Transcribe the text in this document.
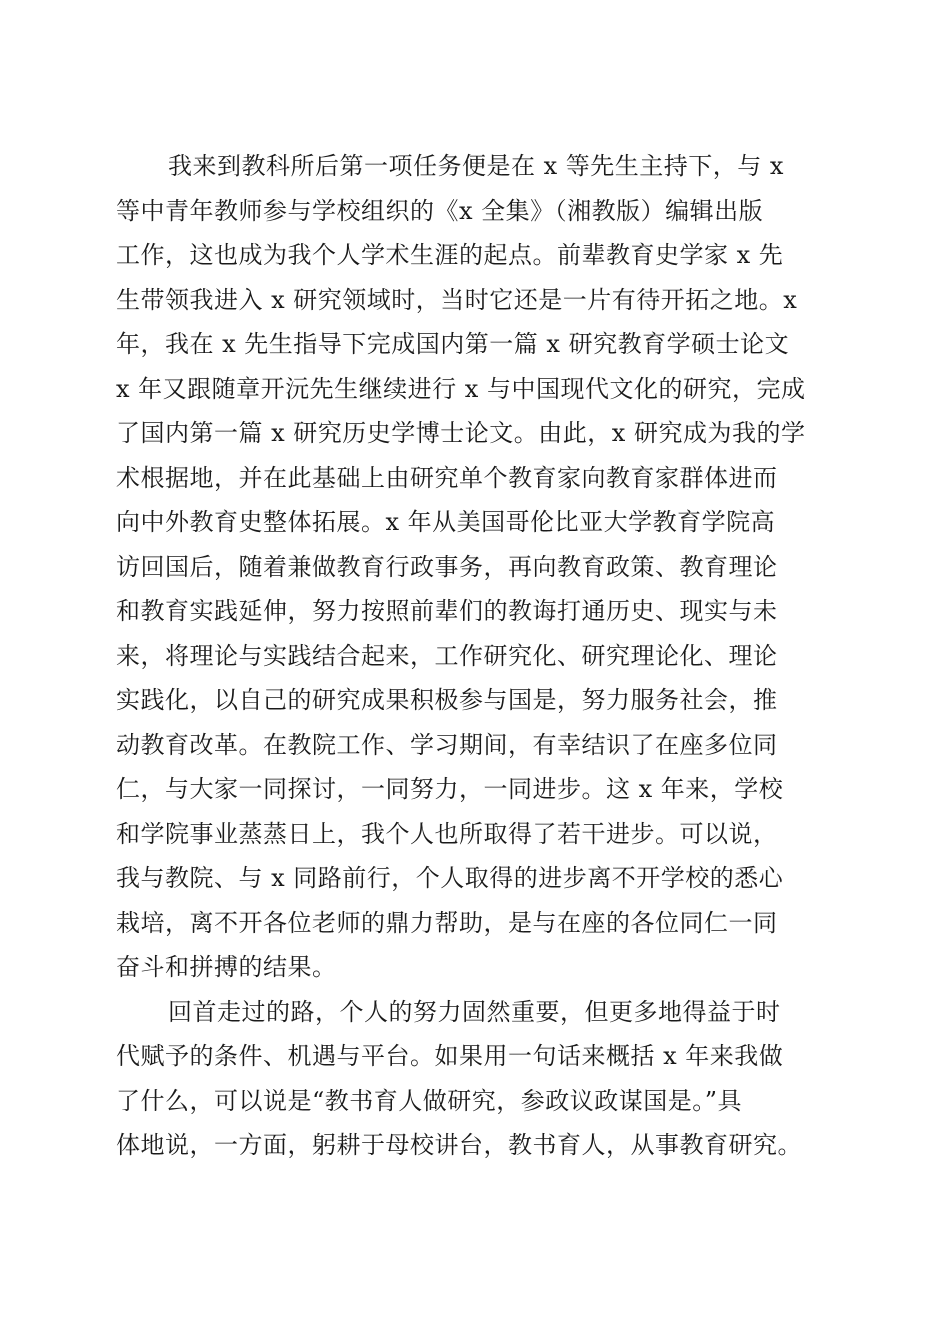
我来到教科所后第一项任务便是在 x 等先生主持下，与 x
等中青年教师参与学校组织的《x 全集》（湘教版）编辑出版
工作，这也成为我个人学术生涯的起点。前辈教育史学家 x 先
生带领我进入 x 研究领域时，当时它还是一片有待开拓之地。x
年，我在 x 先生指导下完成国内第一篇 x 研究教育学硕士论文
x 年又跟随章开沅先生继续进行 x 与中国现代文化的研究，完成
了国内第一篇 x 研究历史学博士论文。由此，x 研究成为我的学
术根据地，并在此基础上由研究单个教育家向教育家群体进而
向中外教育史整体拓展。x 年从美国哥伦比亚大学教育学院高
访回国后，随着兼做教育行政事务，再向教育政策、教育理论
和教育实践延伸，努力按照前辈们的教诲打通历史、现实与未
来，将理论与实践结合起来，工作研究化、研究理论化、理论
实践化，以自己的研究成果积极参与国是，努力服务社会，推
动教育改革。在教院工作、学习期间，有幸结识了在座多位同
仁，与大家一同探讨，一同努力，一同进步。这 x 年来，学校
和学院事业蒸蒸日上，我个人也所取得了若干进步。可以说，
我与教院、与 x 同路前行，个人取得的进步离不开学校的悉心
栽培，离不开各位老师的鼎力帮助，是与在座的各位同仁一同
奋斗和拼搏的结果。
回首走过的路，个人的努力固然重要，但更多地得益于时
代赋予的条件、机遇与平台。如果用一句话来概括 x 年来我做
了什么，可以说是“教书育人做研究，参政议政谋国是。”具
体地说，一方面，躬耕于母校讲台，教书育人，从事教育研究。
